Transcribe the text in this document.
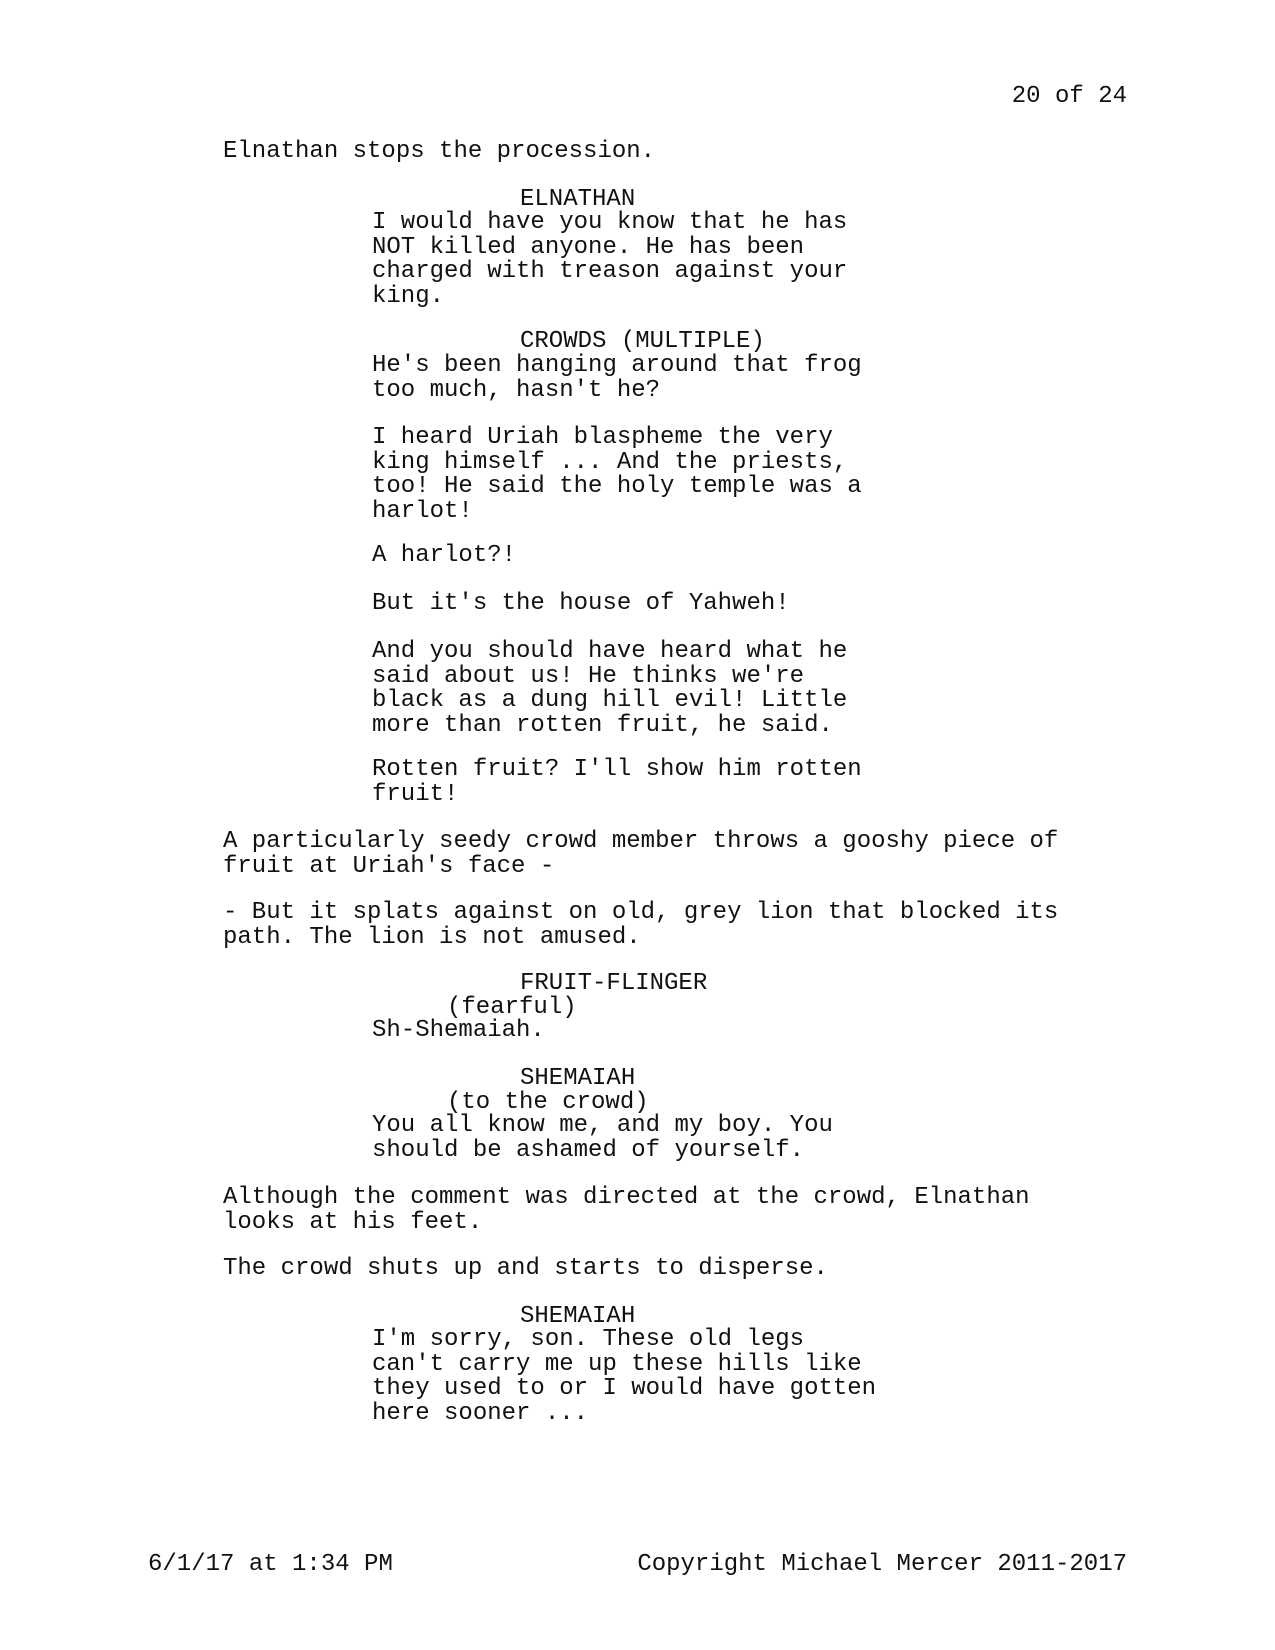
20 of 24
Elnathan stops the procession.
ELNATHAN
I would have you know that he has
NOT killed anyone. He has been
charged with treason against your
king.
CROWDS (MULTIPLE)
He's been hanging around that frog
too much, hasn't he?
I heard Uriah blaspheme the very
king himself ... And the priests,
too! He said the holy temple was a
harlot!
A harlot?!
But it's the house of Yahweh!
And you should have heard what he
said about us! He thinks we're
black as a dung hill evil! Little
more than rotten fruit, he said.
Rotten fruit? I'll show him rotten
fruit!
A particularly seedy crowd member throws a gooshy piece of
fruit at Uriah's face -
- But it splats against on old, grey lion that blocked its
path. The lion is not amused.
FRUIT-FLINGER
(fearful)
Sh-Shemaiah.
SHEMAIAH
(to the crowd)
You all know me, and my boy. You
should be ashamed of yourself.
Although the comment was directed at the crowd, Elnathan
looks at his feet.
The crowd shuts up and starts to disperse.
SHEMAIAH
I'm sorry, son. These old legs
can't carry me up these hills like
they used to or I would have gotten
here sooner ...
6/1/17 at 1:34 PM	Copyright Michael Mercer 2011-2017
